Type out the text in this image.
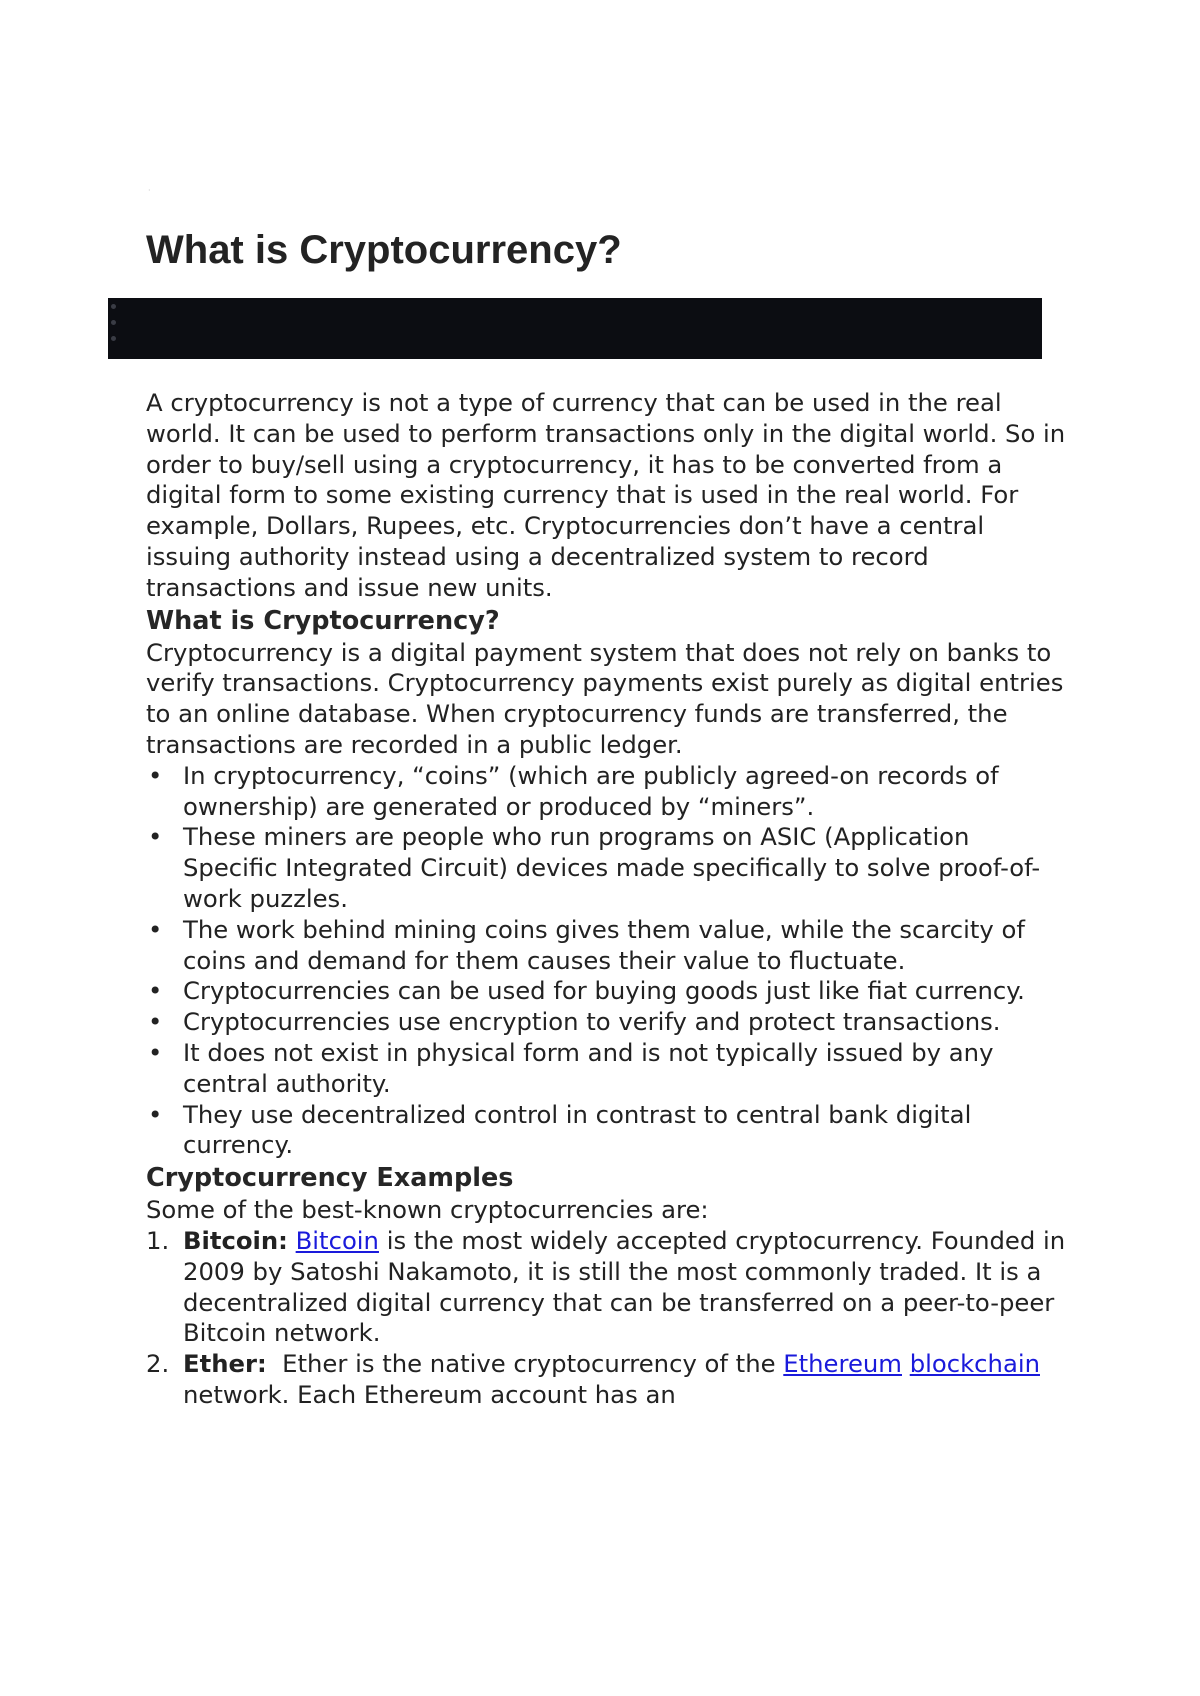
·
What is Cryptocurrency?

A cryptocurrency is not a type of currency that can be used in the real world. It can be used to perform transactions only in the digital world. So in order to buy/sell using a cryptocurrency, it has to be converted from a digital form to some existing currency that is used in the real world. For example, Dollars, Rupees, etc. Cryptocurrencies don’t have a central issuing authority instead using a decentralized system to record transactions and issue new units.

What is Cryptocurrency?

Cryptocurrency is a digital payment system that does not rely on banks to verify transactions. Cryptocurrency payments exist purely as digital entries to an online database. When cryptocurrency funds are transferred, the transactions are recorded in a public ledger.

• In cryptocurrency, “coins” (which are publicly agreed-on records of ownership) are generated or produced by “miners”.
• These miners are people who run programs on ASIC (Application Specific Integrated Circuit) devices made specifically to solve proof-of-work puzzles.
• The work behind mining coins gives them value, while the scarcity of coins and demand for them causes their value to fluctuate.
• Cryptocurrencies can be used for buying goods just like fiat currency.
• Cryptocurrencies use encryption to verify and protect transactions.
• It does not exist in physical form and is not typically issued by any central authority.
• They use decentralized control in contrast to central bank digital currency.
Cryptocurrency Examples

Some of the best-known cryptocurrencies are:

1. Bitcoin: Bitcoin is the most widely accepted cryptocurrency. Founded in 2009 by Satoshi Nakamoto, it is still the most commonly traded. It is a decentralized digital currency that can be transferred on a peer-to-peer Bitcoin network.
2. Ether:  Ether is the native cryptocurrency of the Ethereum blockchain network. Each Ethereum account has an
